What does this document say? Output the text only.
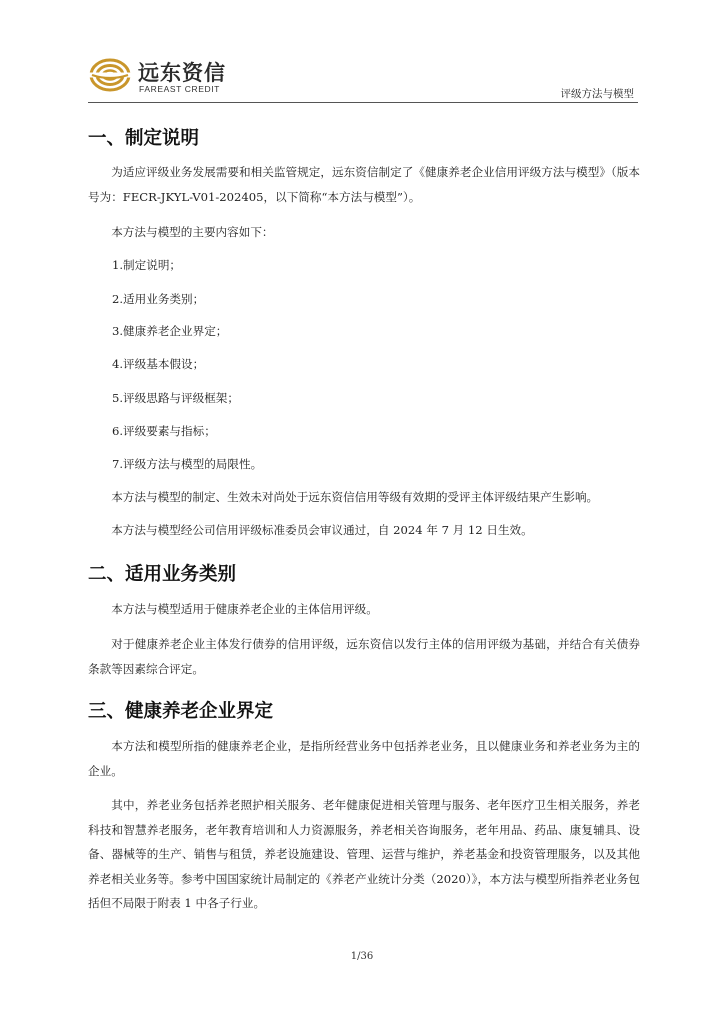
远东资信
FAREAST CREDIT	评级方法与模型
一、制定说明
为适应评级业务发展需要和相关监管规定，远东资信制定了《健康养老企业信用评级方法与模型》（版本号为：FECR-JKYL-V01-202405，以下简称“本方法与模型”）。
本方法与模型的主要内容如下：
1.制定说明；
2.适用业务类别；
3.健康养老企业界定；
4.评级基本假设；
5.评级思路与评级框架；
6.评级要素与指标；
7.评级方法与模型的局限性。
本方法与模型的制定、生效未对尚处于远东资信信用等级有效期的受评主体评级结果产生影响。
本方法与模型经公司信用评级标准委员会审议通过，自 2024 年 7 月 12 日生效。
二、适用业务类别
本方法与模型适用于健康养老企业的主体信用评级。
对于健康养老企业主体发行债券的信用评级，远东资信以发行主体的信用评级为基础，并结合有关债券条款等因素综合评定。
三、健康养老企业界定
本方法和模型所指的健康养老企业，是指所经营业务中包括养老业务，且以健康业务和养老业务为主的企业。
其中，养老业务包括养老照护相关服务、老年健康促进相关管理与服务、老年医疗卫生相关服务，养老科技和智慧养老服务，老年教育培训和人力资源服务，养老相关咨询服务，老年用品、药品、康复辅具、设备、器械等的生产、销售与租赁，养老设施建设、管理、运营与维护，养老基金和投资管理服务，以及其他养老相关业务等。参考中国国家统计局制定的《养老产业统计分类（2020）》，本方法与模型所指养老业务包括但不局限于附表 1 中各子行业。
1/36
